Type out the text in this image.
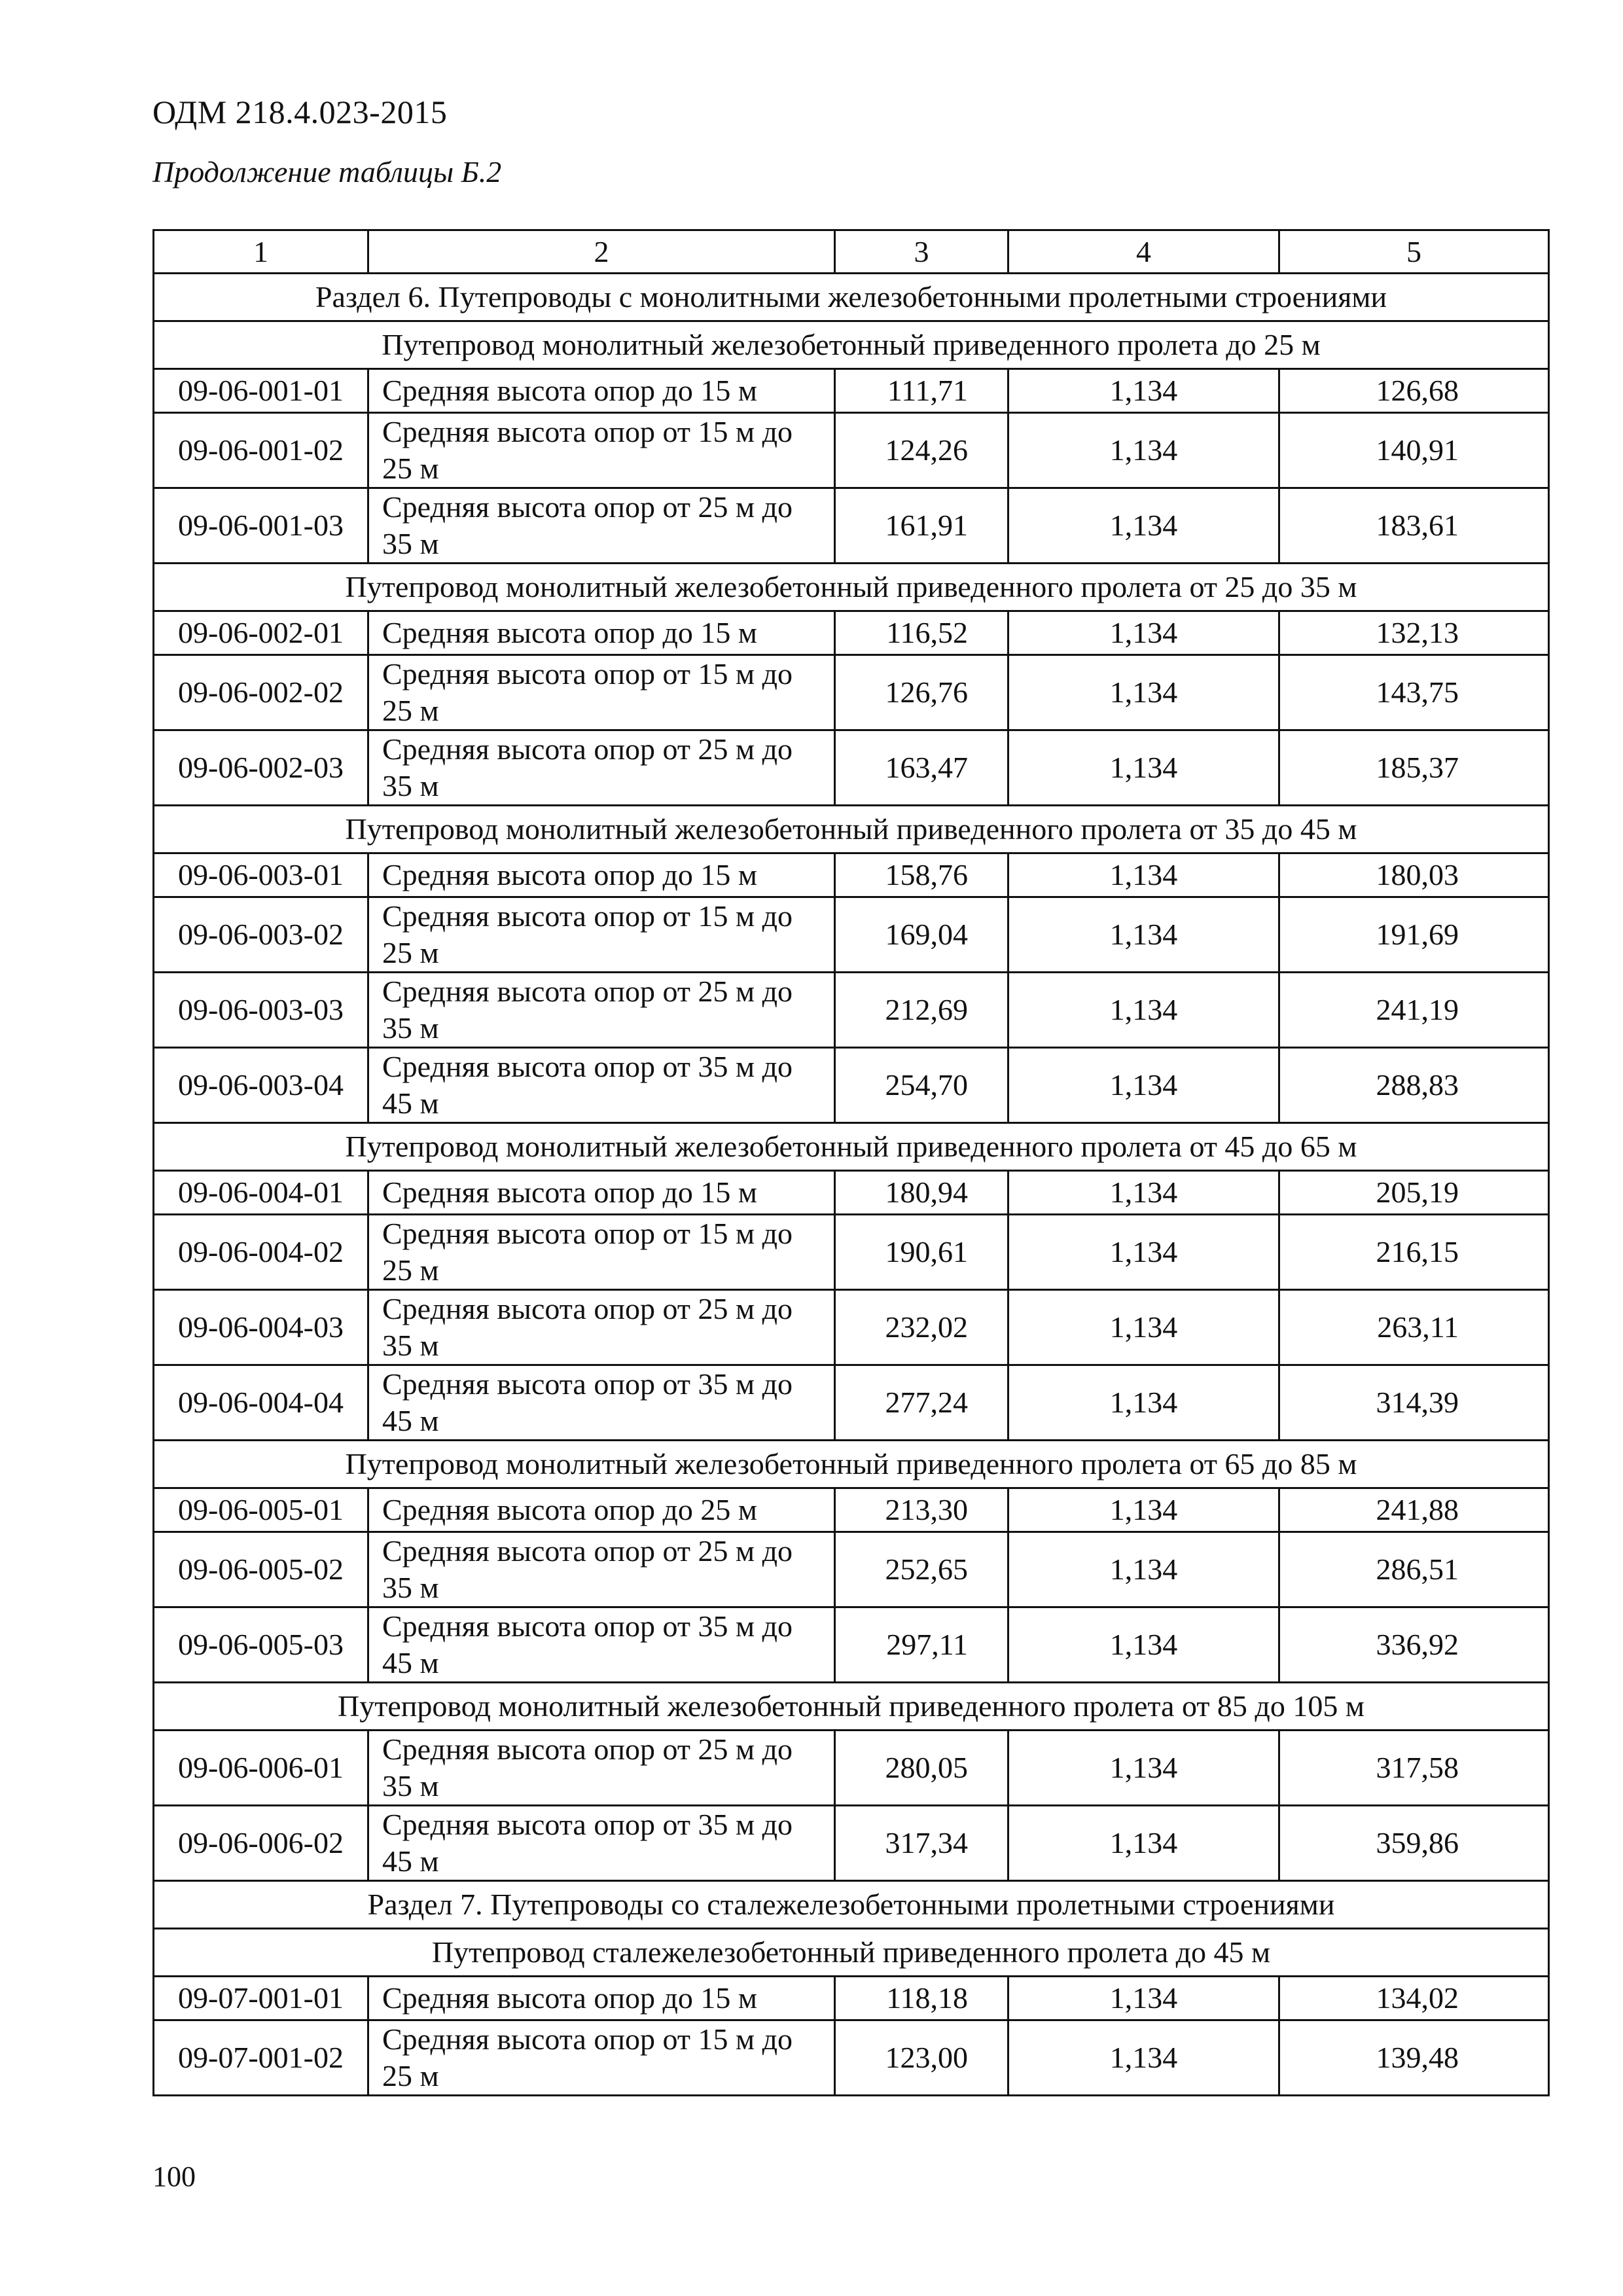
ОДМ 218.4.023-2015
Продолжение таблицы Б.2
1	2	3	4	5
Раздел 6. Путепроводы с монолитными железобетонными пролетными строениями				
Путепровод монолитный железобетонный приведенного пролета до 25 м				
09-06-001-01	Средняя высота опор до 15 м	111,71	1,134	126,68
09-06-001-02	Средняя высота опор от 15 м до 25 м	124,26	1,134	140,91
09-06-001-03	Средняя высота опор от 25 м до 35 м	161,91	1,134	183,61
Путепровод монолитный железобетонный приведенного пролета от 25 до 35 м				
09-06-002-01	Средняя высота опор до 15 м	116,52	1,134	132,13
09-06-002-02	Средняя высота опор от 15 м до 25 м	126,76	1,134	143,75
09-06-002-03	Средняя высота опор от 25 м до 35 м	163,47	1,134	185,37
Путепровод монолитный железобетонный приведенного пролета от 35 до 45 м				
09-06-003-01	Средняя высота опор до 15 м	158,76	1,134	180,03
09-06-003-02	Средняя высота опор от 15 м до 25 м	169,04	1,134	191,69
09-06-003-03	Средняя высота опор от 25 м до 35 м	212,69	1,134	241,19
09-06-003-04	Средняя высота опор от 35 м до 45 м	254,70	1,134	288,83
Путепровод монолитный железобетонный приведенного пролета от 45 до 65 м				
09-06-004-01	Средняя высота опор до 15 м	180,94	1,134	205,19
09-06-004-02	Средняя высота опор от 15 м до 25 м	190,61	1,134	216,15
09-06-004-03	Средняя высота опор от 25 м до 35 м	232,02	1,134	263,11
09-06-004-04	Средняя высота опор от 35 м до 45 м	277,24	1,134	314,39
Путепровод монолитный железобетонный приведенного пролета от 65 до 85 м				
09-06-005-01	Средняя высота опор до 25 м	213,30	1,134	241,88
09-06-005-02	Средняя высота опор от 25 м до 35 м	252,65	1,134	286,51
09-06-005-03	Средняя высота опор от 35 м до 45 м	297,11	1,134	336,92
Путепровод монолитный железобетонный приведенного пролета от 85 до 105 м				
09-06-006-01	Средняя высота опор от 25 м до 35 м	280,05	1,134	317,58
09-06-006-02	Средняя высота опор от 35 м до 45 м	317,34	1,134	359,86
Раздел 7. Путепроводы со сталежелезобетонными пролетными строениями				
Путепровод сталежелезобетонный приведенного пролета до 45 м				
09-07-001-01	Средняя высота опор до 15 м	118,18	1,134	134,02
09-07-001-02	Средняя высота опор от 15 м до 25 м	123,00	1,134	139,48
100
